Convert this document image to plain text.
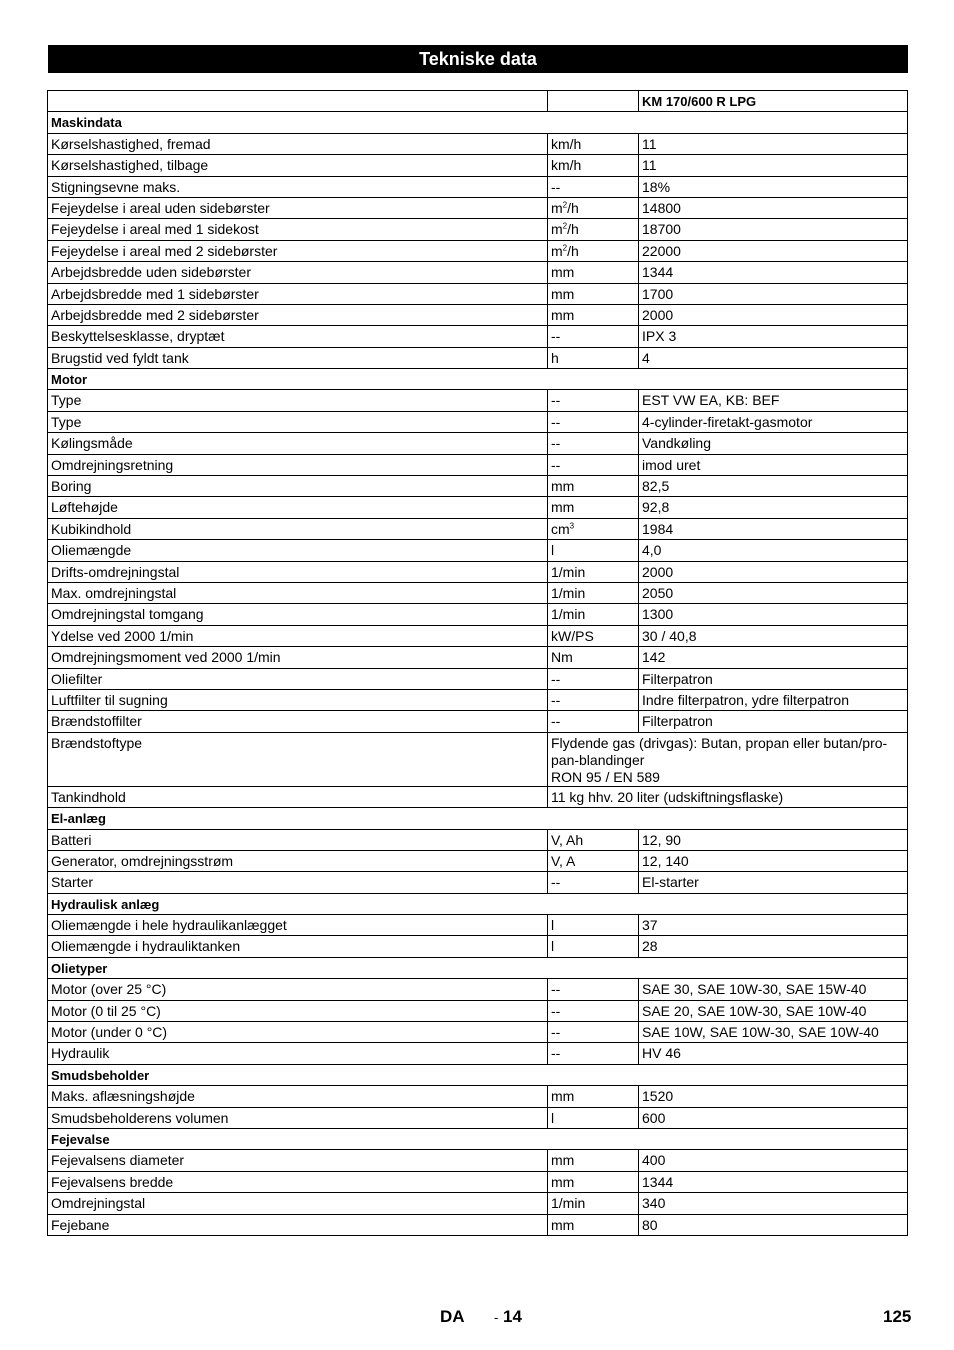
Tekniske data
		KM 170/600 R LPG
Maskindata		
Kørselshastighed, fremad	km/h	11
Kørselshastighed, tilbage	km/h	11
Stigningsevne maks.	--	18%
Fejeydelse i areal uden sidebørster	$m^2/h$	14800
Fejeydelse i areal med 1 sidekost	$m^2/h$	18700
Fejeydelse i areal med 2 sidebørster	$m^2/h$	22000
Arbejdsbredde uden sidebørster	mm	1344
Arbejdsbredde med 1 sidebørster	mm	1700
Arbejdsbredde med 2 sidebørster	mm	2000
Beskyttelsesklasse, dryptæt	--	IPX 3
Brugstid ved fyldt tank	h	4
Motor		
Type	--	EST VW EA, KB: BEF
Type	--	4-cylinder-firetakt-gasmotor
Kølingsmåde	--	Vandkøling
Omdrejningsretning	--	imod uret
Boring	mm	82,5
Løftehøjde	mm	92,8
Kubikindhold	$cm^3$	1984
Oliemængde	l	4,0
Drifts-omdrejningstal	1/min	2000
Max. omdrejningstal	1/min	2050
Omdrejningstal tomgang	1/min	1300
Ydelse ved 2000 1/min	kW/PS	30 / 40,8
Omdrejningsmoment ved 2000 1/min	Nm	142
Oliefilter	--	Filterpatron
Luftfilter til sugning	--	Indre filterpatron, ydre filterpatron
Brændstoffilter	--	Filterpatron
Brændstoftype	Flydende gas (drivgas): Butan, propan eller butan/pro-
pan-blandinger
RON 95 / EN 589	
Tankindhold	11 kg hhv. 20 liter (udskiftningsflaske)	
El-anlæg		
Batteri	V, Ah	12, 90
Generator, omdrejningsstrøm	V, A	12, 140
Starter	--	El-starter
Hydraulisk anlæg		
Oliemængde i hele hydraulikanlægget	l	37
Oliemængde i hydrauliktanken	l	28
Olietyper		
Motor (over 25 °C)	--	SAE 30, SAE 10W-30, SAE 15W-40
Motor (0 til 25 °C)	--	SAE 20, SAE 10W-30, SAE 10W-40
Motor (under 0 °C)	--	SAE 10W, SAE 10W-30, SAE 10W-40
Hydraulik	--	HV 46
Smudsbeholder		
Maks. aflæsningshøjde	mm	1520
Smudsbeholderens volumen	l	600
Fejevalse		
Fejevalsens diameter	mm	400
Fejevalsens bredde	mm	1344
Omdrejningstal	1/min	340
Fejebane	mm	80
DA - 14	125
